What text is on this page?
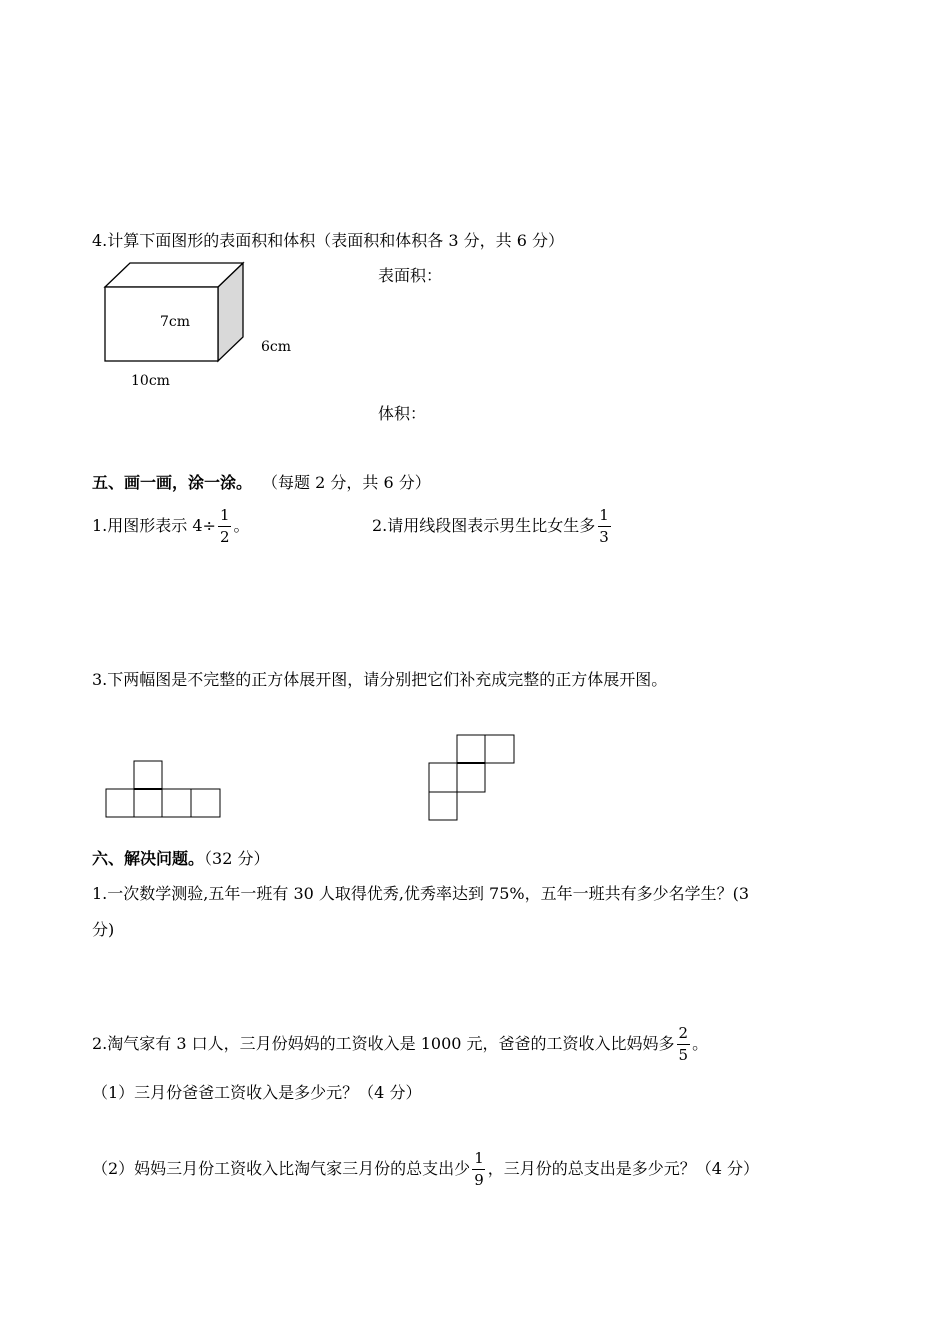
4.计算下面图形的表面积和体积（表面积和体积各 3 分，共 6 分）
7cm
6cm
10cm
表面积：
体积：
五、画一画，涂一涂。 （每题 2 分，共 6 分）
1.用图形表示 $4\div \frac{1}{2}$ 。	2.请用线段图表示男生比女生多 $\frac{1}{3}$
3.下两幅图是不完整的正方体展开图，请分别把它们补充成完整的正方体展开图。
六、解决问题。（32 分）
1.一次数学测验,五年一班有 30 人取得优秀,优秀率达到 75%，五年一班共有多少名学生？(3
分)
2.淘气家有 3 口人，三月份妈妈的工资收入是 1000 元，爸爸的工资收入比妈妈多 $\frac{2}{5}$ 。
（1）三月份爸爸工资收入是多少元？（4 分）
（2）妈妈三月份工资收入比淘气家三月份的总支出少 $\frac{1}{9}$ ，三月份的总支出是多少元？（4 分）
